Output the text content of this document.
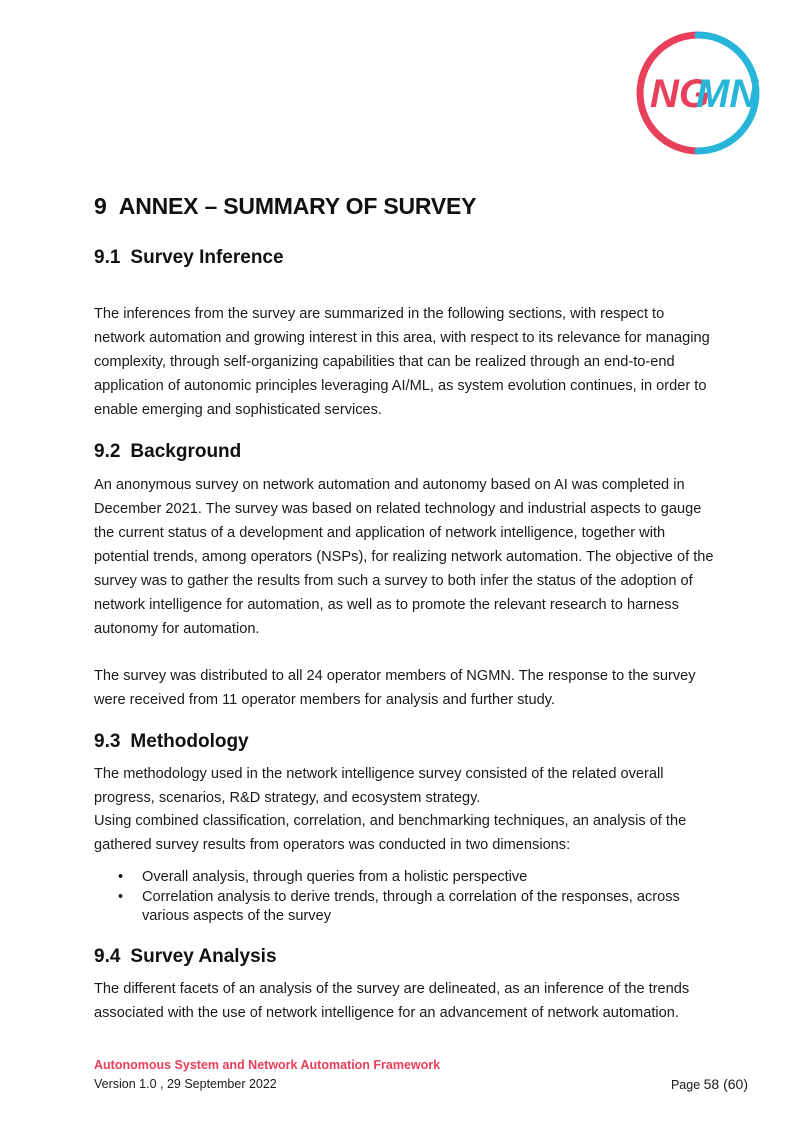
NG
MN
9 ANNEX – SUMMARY OF SURVEY
9.1 Survey Inference

The inferences from the survey are summarized in the following sections, with respect to network automation and growing interest in this area, with respect to its relevance for managing complexity, through self-organizing capabilities that can be realized through an end-to-end application of autonomic principles leveraging AI/ML, as system evolution continues, in order to enable emerging and sophisticated services.

9.2 Background

An anonymous survey on network automation and autonomy based on AI was completed in December 2021. The survey was based on related technology and industrial aspects to gauge the current status of a development and application of network intelligence, together with potential trends, among operators (NSPs), for realizing network automation. The objective of the survey was to gather the results from such a survey to both infer the status of the adoption of network intelligence for automation, as well as to promote the relevant research to harness autonomy for automation.

The survey was distributed to all 24 operator members of NGMN. The response to the survey were received from 11 operator members for analysis and further study.

9.3 Methodology

The methodology used in the network intelligence survey consisted of the related overall progress, scenarios, R&D strategy, and ecosystem strategy.

Using combined classification, correlation, and benchmarking techniques, an analysis of the gathered survey results from operators was conducted in two dimensions:

• Overall analysis, through queries from a holistic perspective
• Correlation analysis to derive trends, through a correlation of the responses, across various aspects of the survey
9.4 Survey Analysis

The different facets of an analysis of the survey are delineated, as an inference of the trends associated with the use of network intelligence for an advancement of network automation.

Autonomous System and Network Automation Framework

Version 1.0 , 29 September 2022	Page 58 (60)
